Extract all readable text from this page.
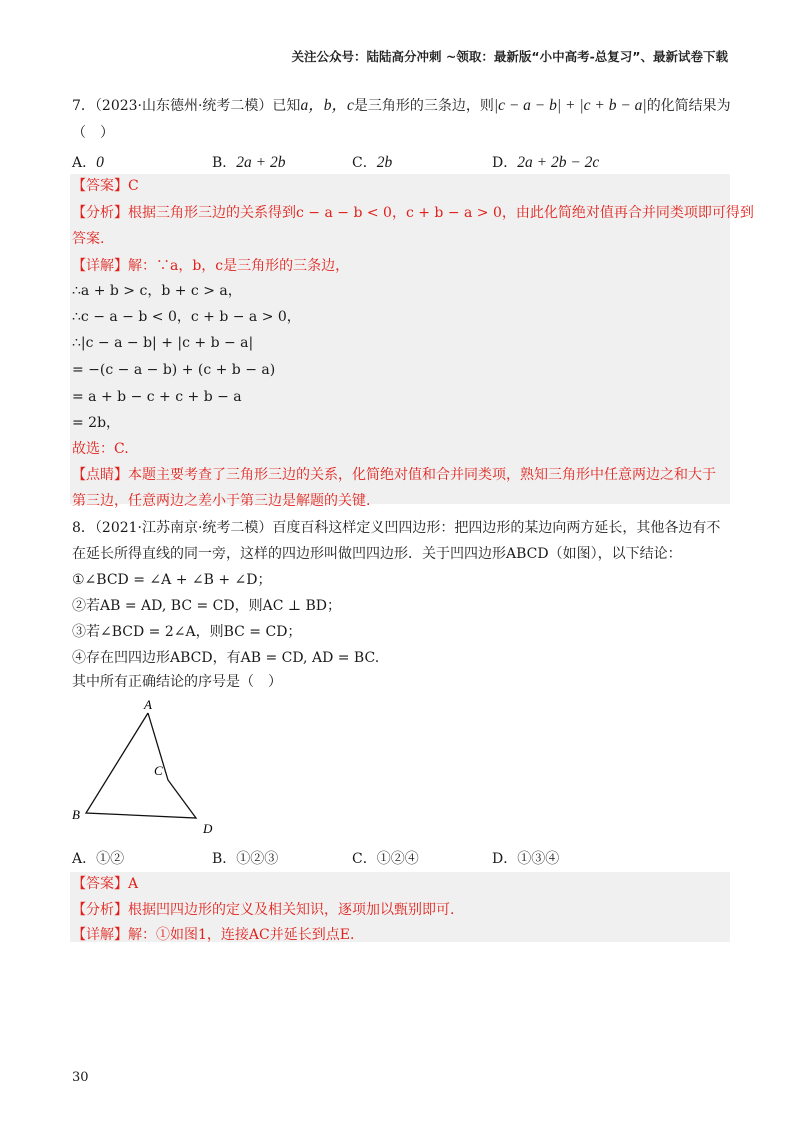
关注公众号：陆陆高分冲刺 ~领取：最新版“小中高考-总复习”、最新试卷下载
7．（2023·山东德州·统考二模）已知a，b，c是三角形的三条边，则|c − a − b| + |c + b − a|的化简结果为
（　）
A．0	B．2a + 2b	C．2b	D．2a + 2b − 2c
【答案】C
【分析】根据三角形三边的关系得到c − a − b < 0，c + b − a > 0，由此化简绝对值再合并同类项即可得到
答案.
【详解】解：∵a，b，c是三角形的三条边，
∴a + b > c，b + c > a，
∴c − a − b < 0，c + b − a > 0，
∴|c − a − b| + |c + b − a|
= −(c − a − b) + (c + b − a)
= a + b − c + c + b − a
= 2b，
故选：C.
【点睛】本题主要考查了三角形三边的关系，化简绝对值和合并同类项，熟知三角形中任意两边之和大于
第三边，任意两边之差小于第三边是解题的关键.
8．（2021·江苏南京·统考二模）百度百科这样定义凹四边形：把四边形的某边向两方延长，其他各边有不
在延长所得直线的同一旁，这样的四边形叫做凹四边形．关于凹四边形ABCD（如图），以下结论：
①∠BCD = ∠A + ∠B + ∠D；
②若AB = AD, BC = CD，则AC ⊥ BD；
③若∠BCD = 2∠A，则BC = CD；
④存在凹四边形ABCD，有AB = CD, AD = BC.
其中所有正确结论的序号是（　）
A
B
C
D
A．①②	B．①②③	C．①②④	D．①③④
【答案】A
【分析】根据凹四边形的定义及相关知识，逐项加以甄别即可.
【详解】解：①如图1，连接AC并延长到点E.
30
